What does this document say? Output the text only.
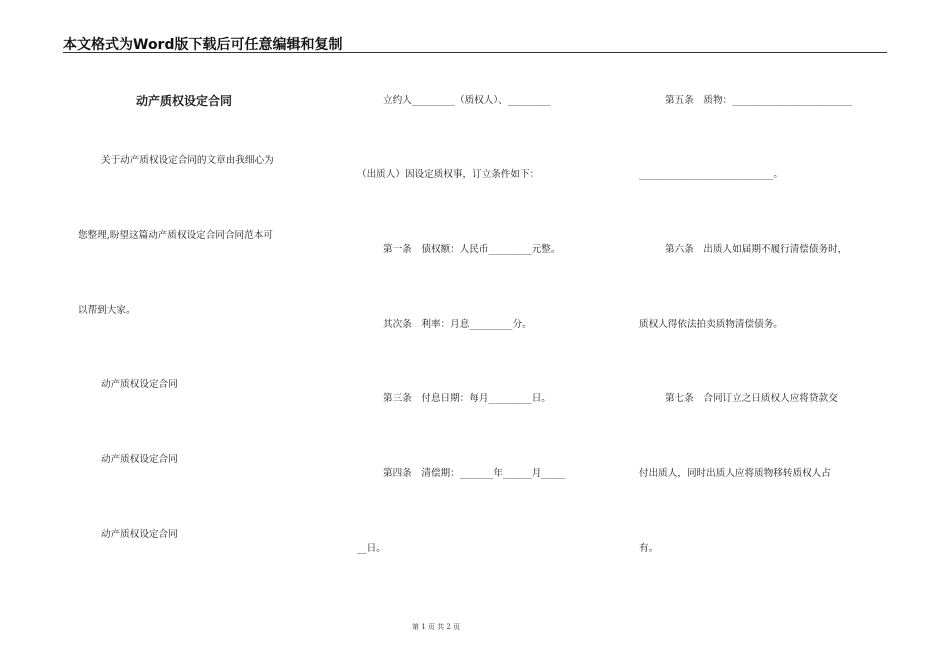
本文格式为Word版下载后可任意编辑和复制
动产质权设定合同
关于动产质权设定合同的文章由我细心为
您整理,盼望这篇动产质权设定合同合同范本可
以帮到大家。
动产质权设定合同
动产质权设定合同
动产质权设定合同
立约人_________（质权人）、_________
（出质人）因设定质权事，订立条件如下：
第一条　债权额：人民币_________元整。
其次条　利率：月息_________分。
第三条　付息日期：每月_________日。
第四条　清偿期：_______年______月_____
__日。
第五条　质物：_________________________
____________________________。
第六条　出质人如届期不履行清偿债务时，
质权人得依法拍卖质物清偿债务。
第七条　合同订立之日质权人应将贷款交
付出质人，同时出质人应将质物移转质权人占
有。
第 1 页 共 2 页
